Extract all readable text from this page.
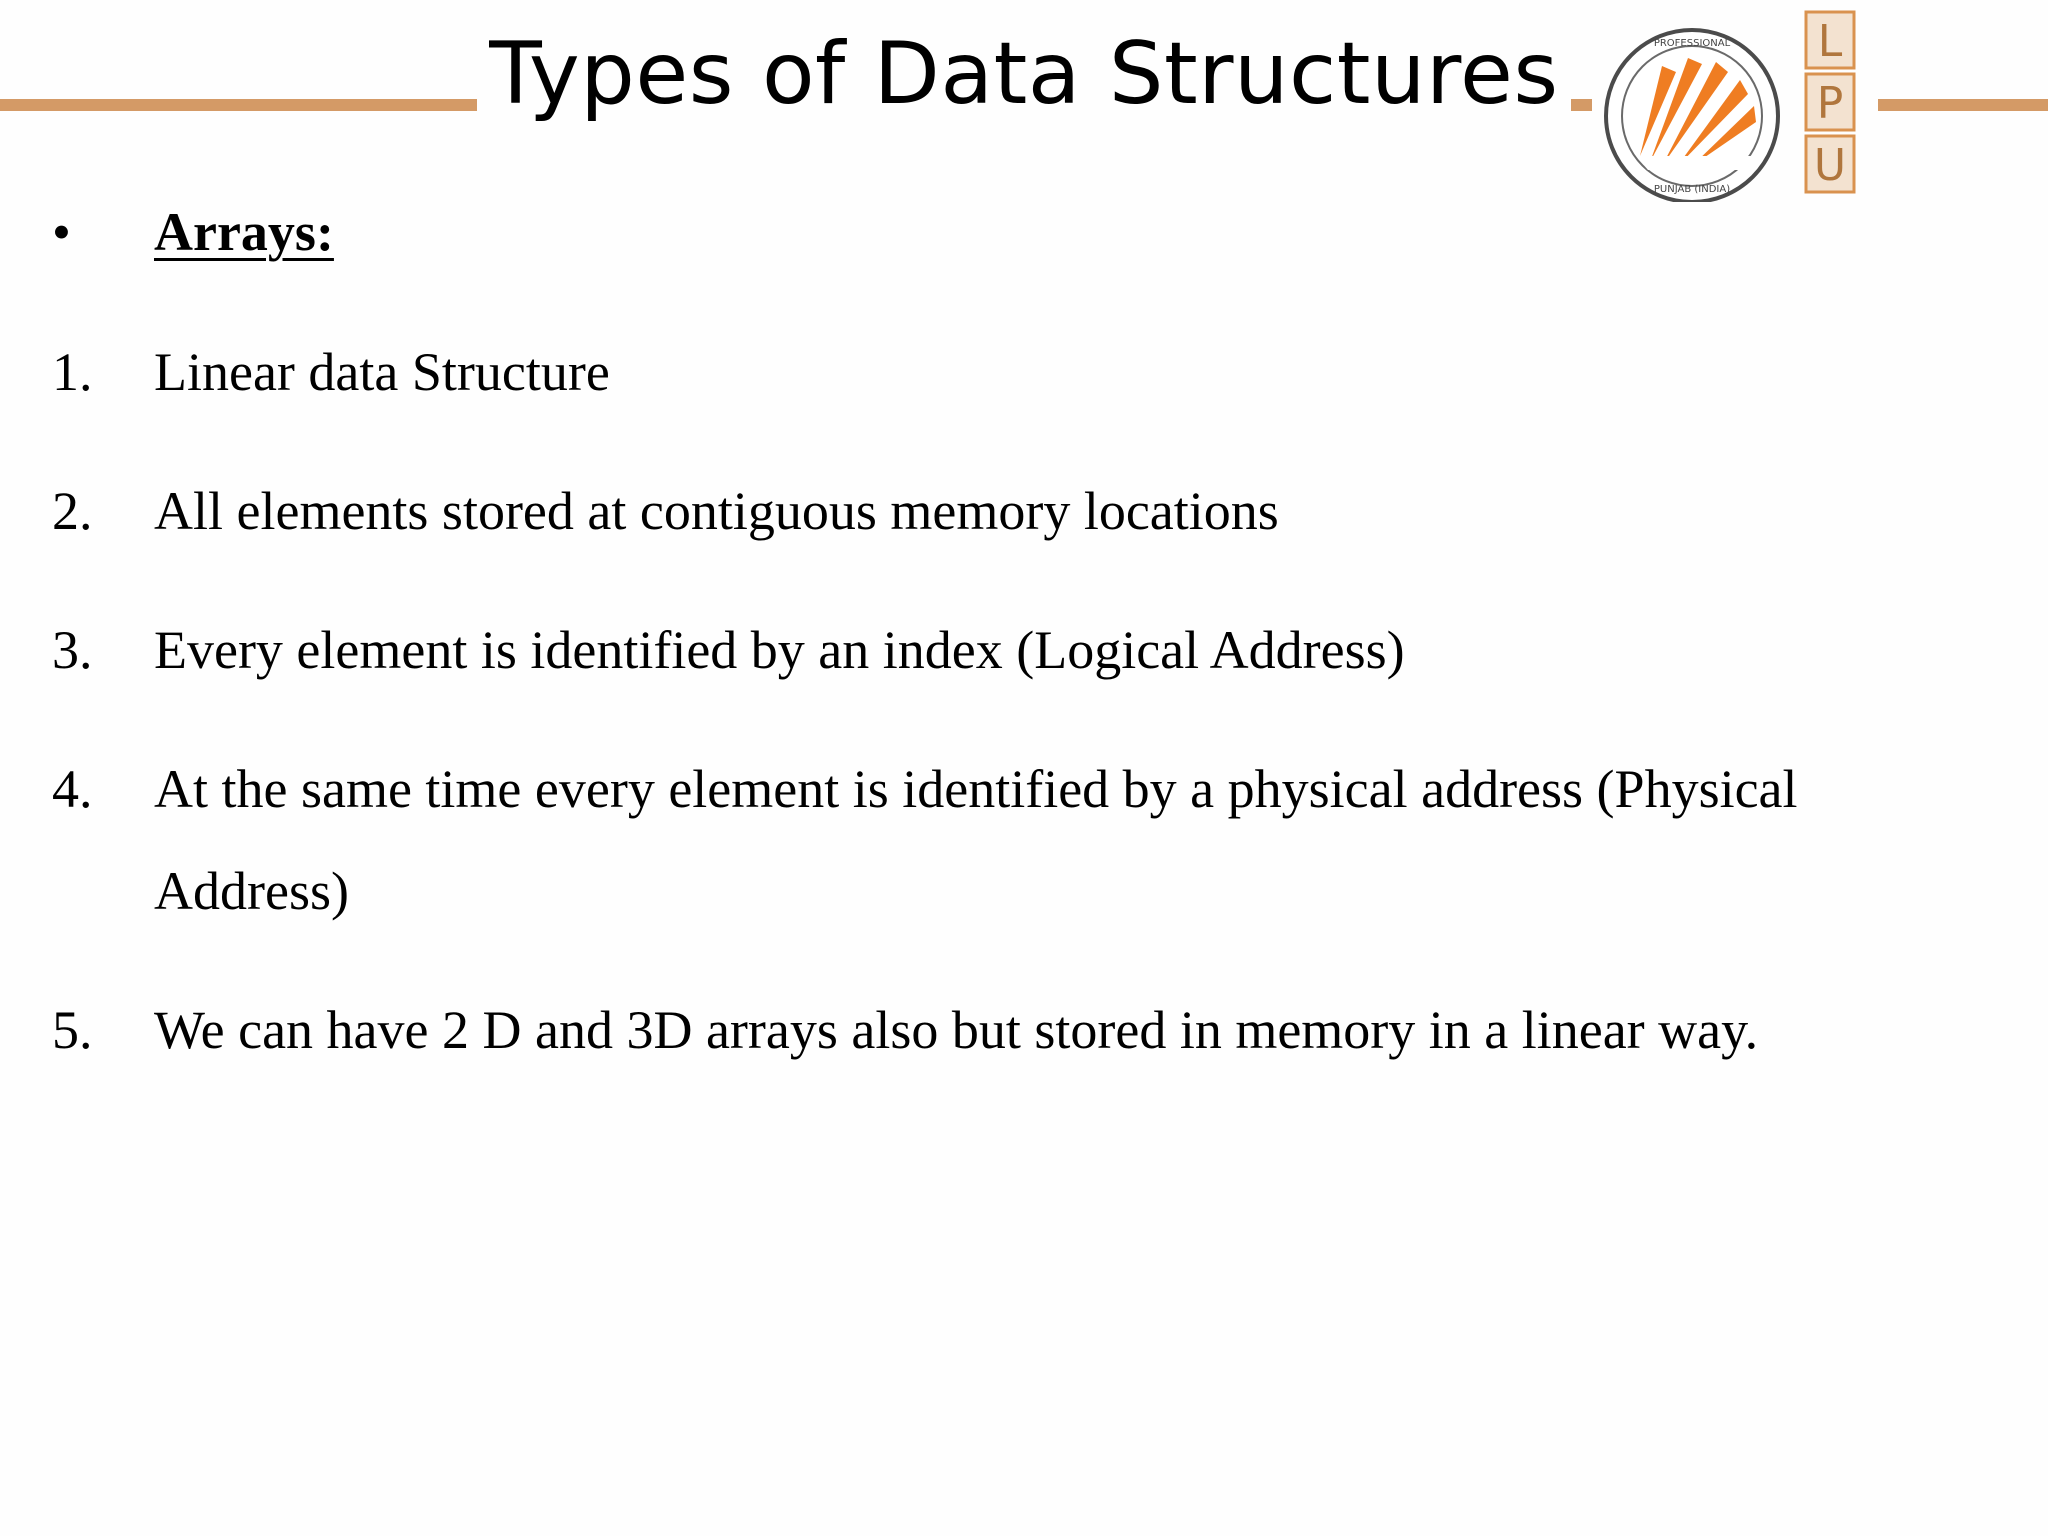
Types of Data Structures	PROFESSIONAL
PUNJAB (INDIA)
L
P
U
• Arrays:
1. Linear data Structure
2. All elements stored at contiguous memory locations
3. Every element is identified by an index (Logical Address)
4. At the same time every element is identified by a physical address (Physical
Address)
5. We can have 2 D and 3D arrays also but stored in memory in a linear way.
